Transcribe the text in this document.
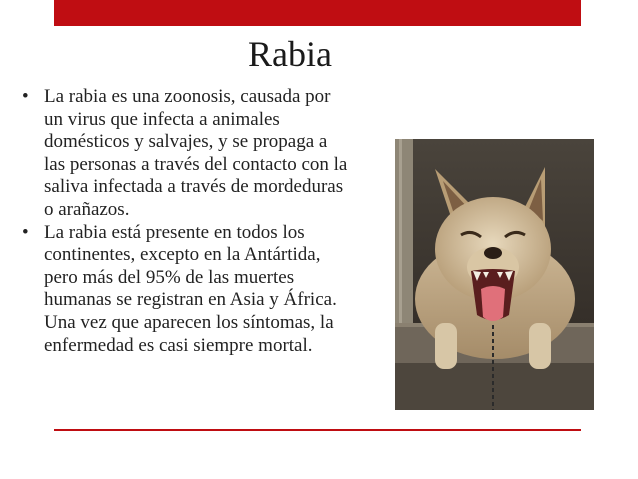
Rabia
• La rabia es una zoonosis, causada por un virus que infecta a animales domésticos y salvajes, y se propaga a las personas a través del contacto con la saliva infectada a través de mordeduras o arañazos.
• La rabia está presente en todos los continentes, excepto en la Antártida, pero más del 95% de las muertes humanas se registran en Asia y África. Una vez que aparecen los síntomas, la enfermedad es casi siempre mortal.
